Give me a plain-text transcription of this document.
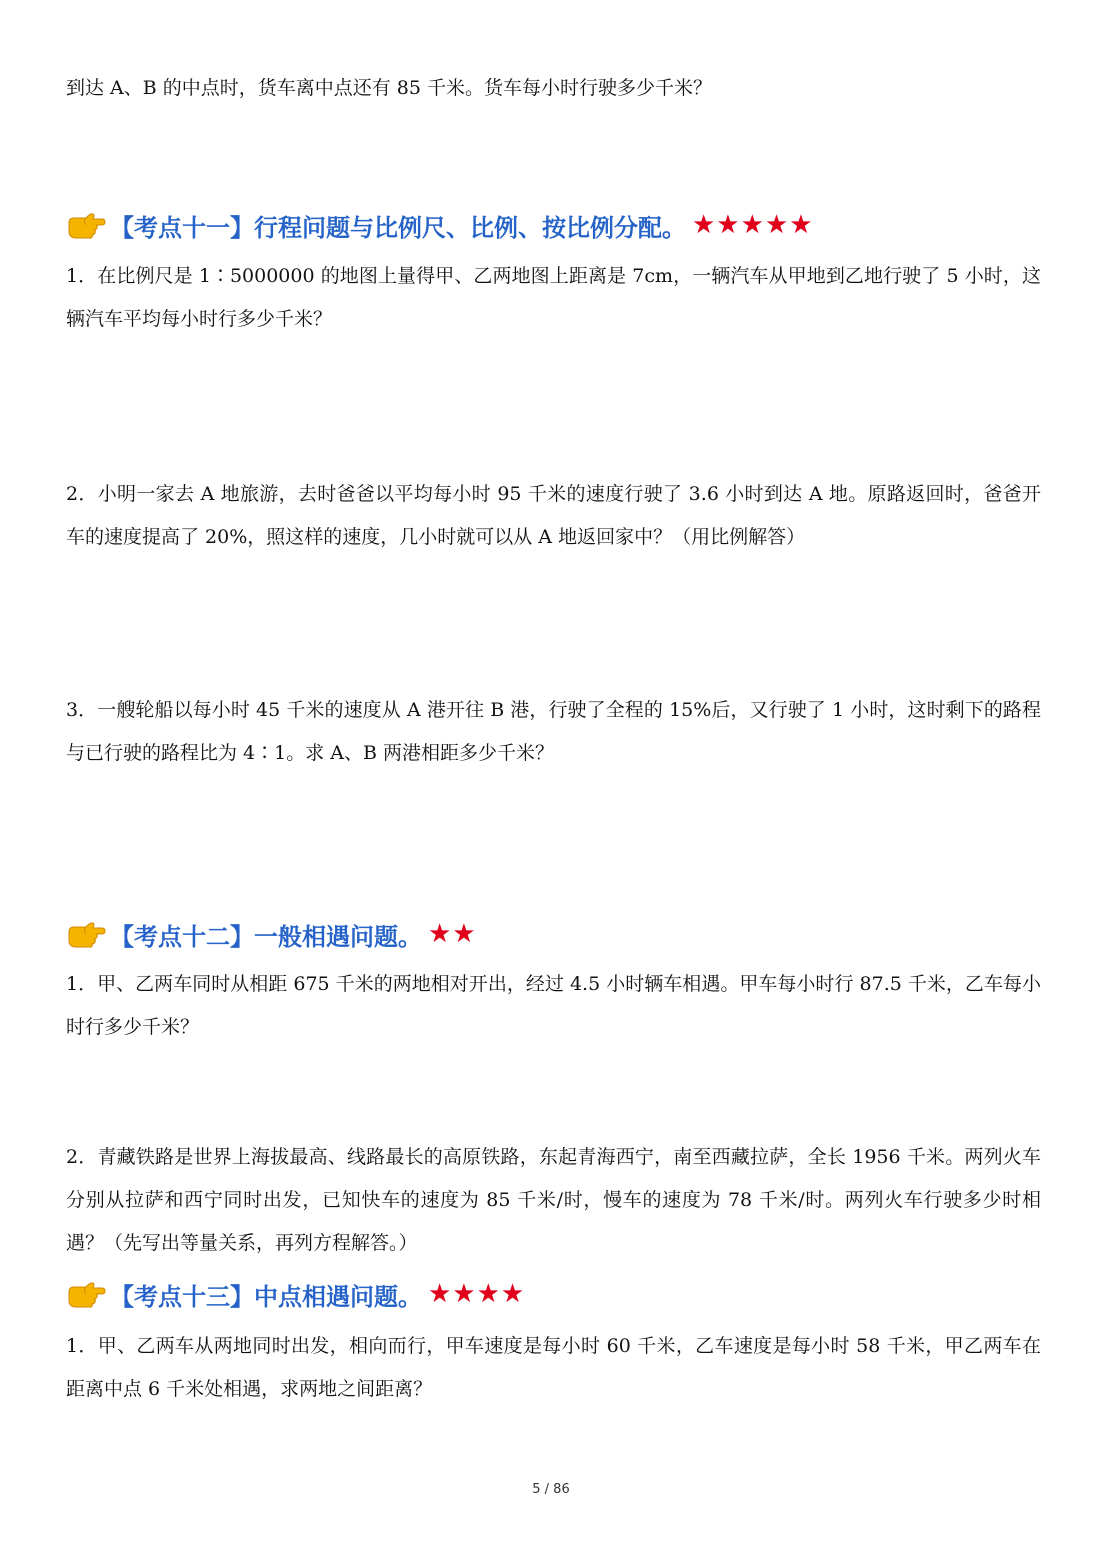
到达 A、B 的中点时，货车离中点还有 85 千米。货车每小时行驶多少千米？

【考点十一】行程问题与比例尺、比例、按比例分配。 ★★★★★

1．在比例尺是 1∶5000000 的地图上量得甲、乙两地图上距离是 7cm，一辆汽车从甲地到乙地行驶了 5 小时，这辆汽车平均每小时行多少千米？

2．小明一家去 A 地旅游，去时爸爸以平均每小时 95 千米的速度行驶了 3.6 小时到达 A 地。原路返回时，爸爸开车的速度提高了 20%，照这样的速度，几小时就可以从 A 地返回家中？（用比例解答）

3．一艘轮船以每小时 45 千米的速度从 A 港开往 B 港，行驶了全程的 15%后，又行驶了 1 小时，这时剩下的路程与已行驶的路程比为 4∶1。求 A、B 两港相距多少千米？

【考点十二】一般相遇问题。 ★★

1．甲、乙两车同时从相距 675 千米的两地相对开出，经过 4.5 小时辆车相遇。甲车每小时行 87.5 千米，乙车每小时行多少千米？

2．青藏铁路是世界上海拔最高、线路最长的高原铁路，东起青海西宁，南至西藏拉萨，全长 1956 千米。两列火车分别从拉萨和西宁同时出发，已知快车的速度为 85 千米/时，慢车的速度为 78 千米/时。两列火车行驶多少时相遇？（先写出等量关系，再列方程解答。）

【考点十三】中点相遇问题。 ★★★★

1．甲、乙两车从两地同时出发，相向而行，甲车速度是每小时 60 千米，乙车速度是每小时 58 千米，甲乙两车在距离中点 6 千米处相遇，求两地之间距离？

5 / 86
